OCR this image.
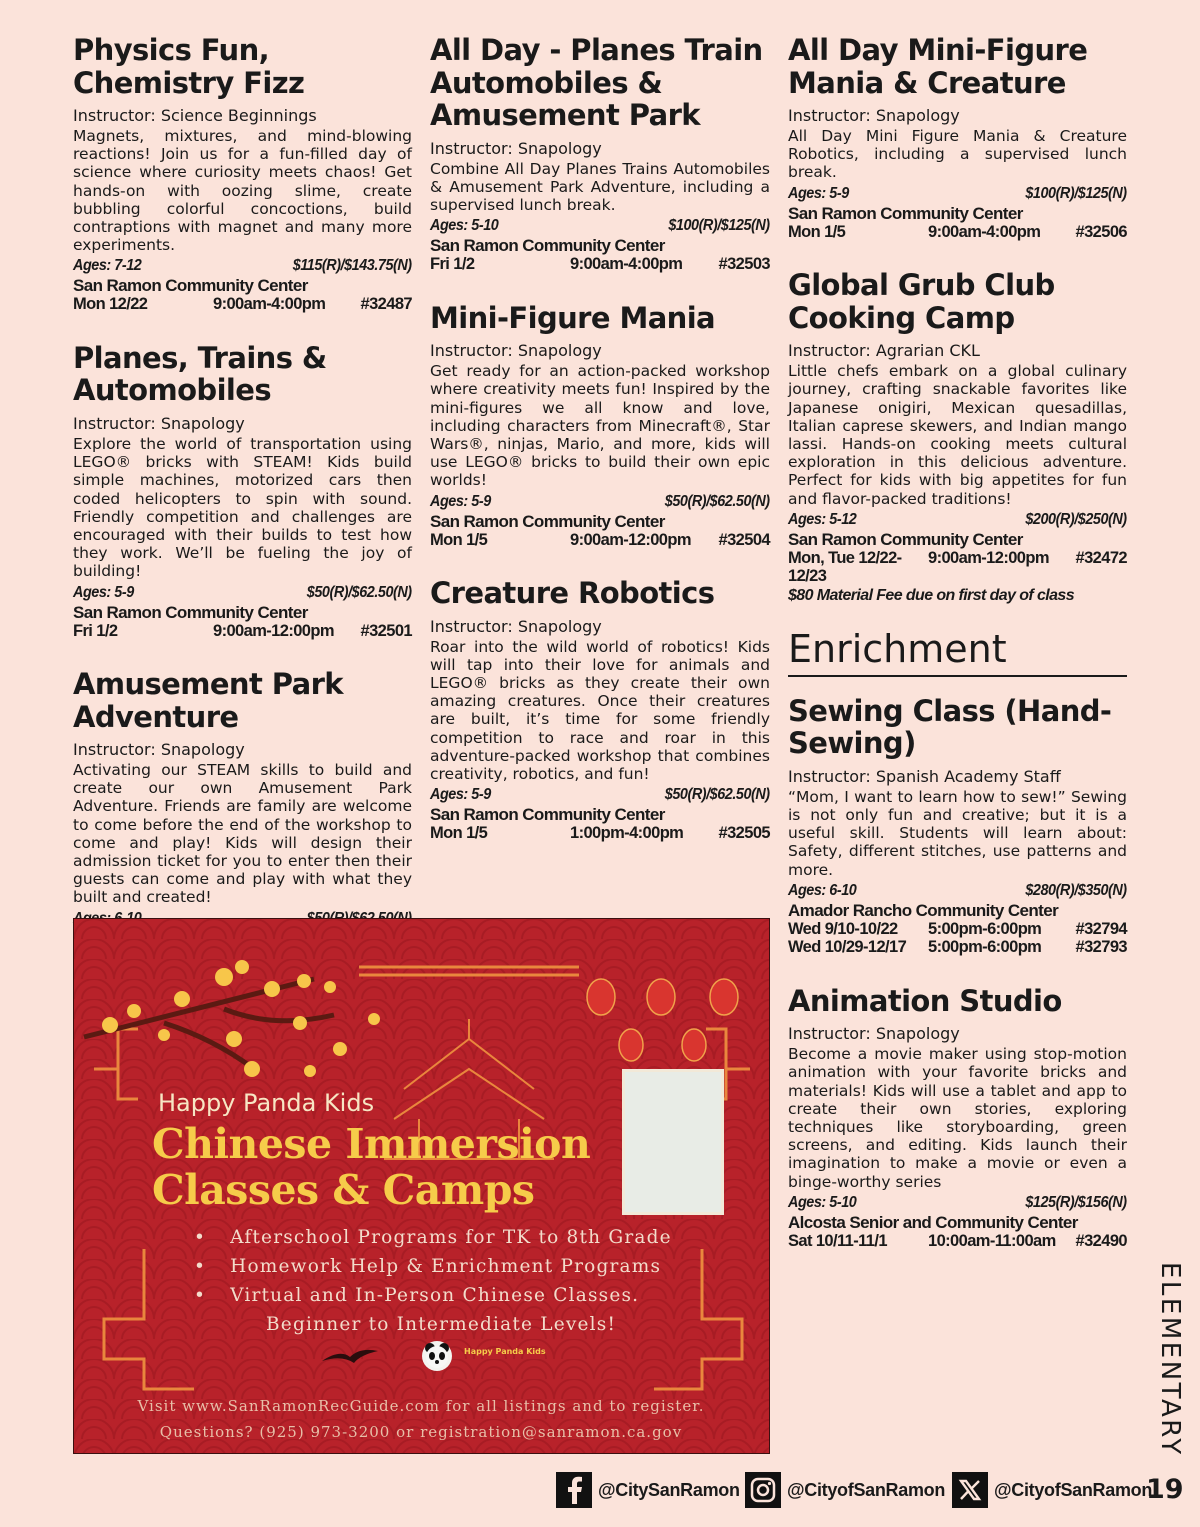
Physics Fun, Chemistry Fizz
Instructor: Science Beginnings
Magnets, mixtures, and mind-blowing reactions! Join us for a fun-filled day of science where curiosity meets chaos! Get hands-on with oozing slime, create bubbling colorful concoctions, build contraptions with magnet and many more experiments.
Ages: 7-12	$115(R)/$143.75(N)
San Ramon Community Center
Mon 12/22	9:00am-4:00pm	#32487
Planes, Trains & Automobiles
Instructor: Snapology
Explore the world of transportation using LEGO® bricks with STEAM! Kids build simple machines, motorized cars then coded helicopters to spin with sound. Friendly competition and challenges are encouraged with their builds to test how they work. We’ll be fueling the joy of building!
Ages: 5-9	$50(R)/$62.50(N)
San Ramon Community Center
Fri 1/2	9:00am-12:00pm	#32501
Amusement Park Adventure
Instructor: Snapology
Activating our STEAM skills to build and create our own Amusement Park Adventure. Friends are family are welcome to come before the end of the workshop to come and play! Kids will design their admission ticket for you to enter then their guests can come and play with what they built and created!
All Day - Planes Train Automobiles & Amusement Park
Instructor: Snapology
Combine All Day Planes Trains Automobiles & Amusement Park Adventure, including a supervised lunch break.
Ages: 5-10	$100(R)/$125(N)
San Ramon Community Center
Fri 1/2	9:00am-4:00pm	#32503
Mini-Figure Mania
Instructor: Snapology
Get ready for an action-packed workshop where creativity meets fun! Inspired by the mini-figures we all know and love, including characters from Minecraft®, Star Wars®, ninjas, Mario, and more, kids will use LEGO® bricks to build their own epic worlds!
Ages: 5-9	$50(R)/$62.50(N)
San Ramon Community Center
Mon 1/5	9:00am-12:00pm	#32504
Creature Robotics
Instructor: Snapology
Roar into the wild world of robotics! Kids will tap into their love for animals and LEGO® bricks as they create their own amazing creatures. Once their creatures are built, it’s time for some friendly competition to race and roar in this adventure-packed workshop that combines creativity, robotics, and fun!
Ages: 5-9	$50(R)/$62.50(N)
San Ramon Community Center
Mon 1/5	1:00pm-4:00pm	#32505
All Day Mini-Figure Mania & Creature
Instructor: Snapology
All Day Mini Figure Mania & Creature Robotics, including a supervised lunch break.
Ages: 5-9	$100(R)/$125(N)
San Ramon Community Center
Mon 1/5	9:00am-4:00pm	#32506
Global Grub Club Cooking Camp
Instructor: Agrarian CKL
Little chefs embark on a global culinary journey, crafting snackable favorites like Japanese onigiri, Mexican quesadillas, Italian caprese skewers, and Indian mango lassi. Hands-on cooking meets cultural exploration in this delicious adventure. Perfect for kids with big appetites for fun and flavor-packed traditions!
Ages: 5-12	$200(R)/$250(N)
San Ramon Community Center
Mon, Tue 12/22-12/23
9:00am-12:00pm	#32472
$80 Material Fee due on first day of class
Enrichment
Sewing Class (Hand-Sewing)
Instructor: Spanish Academy Staff
“Mom, I want to learn how to sew!” Sewing is not only fun and creative; but it is a useful skill. Students will learn about: Safety, different stitches, use patterns and more.
Ages: 6-10	$280(R)/$350(N)
Amador Rancho Community Center
Wed 9/10-10/22	5:00pm-6:00pm	#32794
Wed 10/29-12/17	5:00pm-6:00pm	#32793
Animation Studio
Instructor: Snapology
Become a movie maker using stop-motion animation with your favorite bricks and materials! Kids will use a tablet and app to create their own stories, exploring techniques like storyboarding, green screens, and editing. Kids launch their imagination to make a movie or even a binge-worthy series
Ages: 5-10	$125(R)/$156(N)
Alcosta Senior and Community Center
Sat 10/11-11/1	10:00am-11:00am	#32490
Happy Panda Kids
Chinese Immersion
Classes & Camps
• Afterschool Programs for TK to 8th Grade
• Homework Help & Enrichment Programs
• Virtual and In-Person Chinese Classes.
Beginner to Intermediate Levels!
Happy Panda Kids
Visit www.SanRamonRecGuide.com for all listings and to register.
Questions? (925) 973-3200 or registration@sanramon.ca.gov	ELEMENTARY
@CitySanRamon	@CityofSanRamon	@CityofSanRamon
19
